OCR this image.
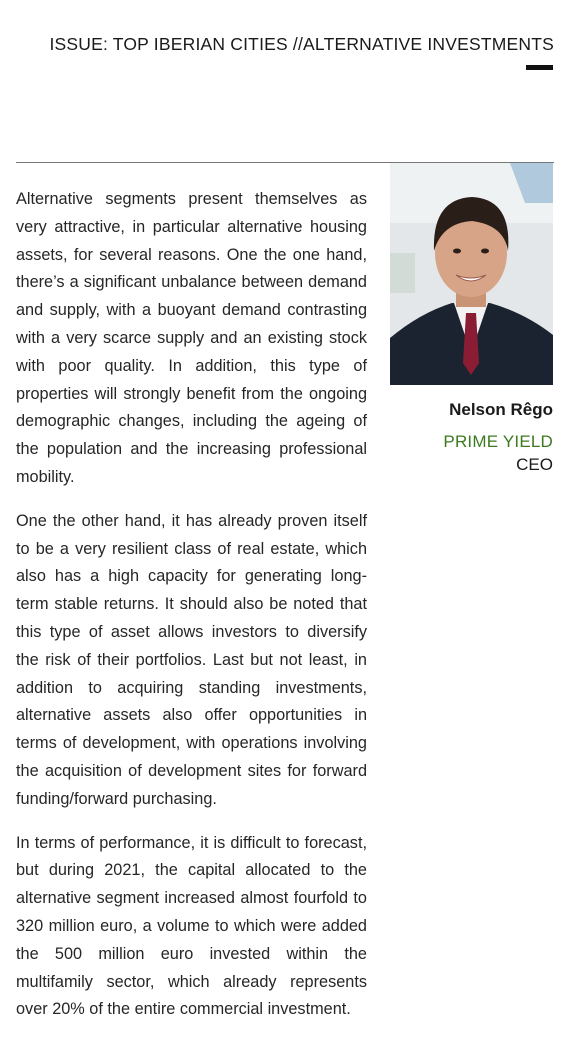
ISSUE: TOP IBERIAN CITIES //ALTERNATIVE INVESTMENTS

Alternative segments present themselves as very attractive, in particular alternative housing assets, for several reasons. One the one hand, there’s a significant unbalance between demand and supply, with a buoyant demand contrasting with a very scarce supply and an existing stock with poor quality. In addition, this type of properties will strongly benefit from the ongoing demographic changes, including the ageing of the population and the increasing professional mobility.

One the other hand, it has already proven itself to be a very resilient class of real estate, which also has a high capacity for generating long-term stable returns. It should also be noted that this type of asset allows investors to diversify the risk of their portfolios. Last but not least, in addition to acquiring standing investments, alternative assets also offer opportunities in terms of development, with operations involving the acquisition of development sites for forward funding/forward purchasing.

In terms of performance, it is difficult to forecast, but during 2021, the capital allocated to the alternative segment increased almost fourfold to 320 million euro, a volume to which were added the 500 million euro invested within the multifamily sector, which already represents over 20% of the entire commercial investment.

Nelson Rêgo
PRIME YIELD
CEO
